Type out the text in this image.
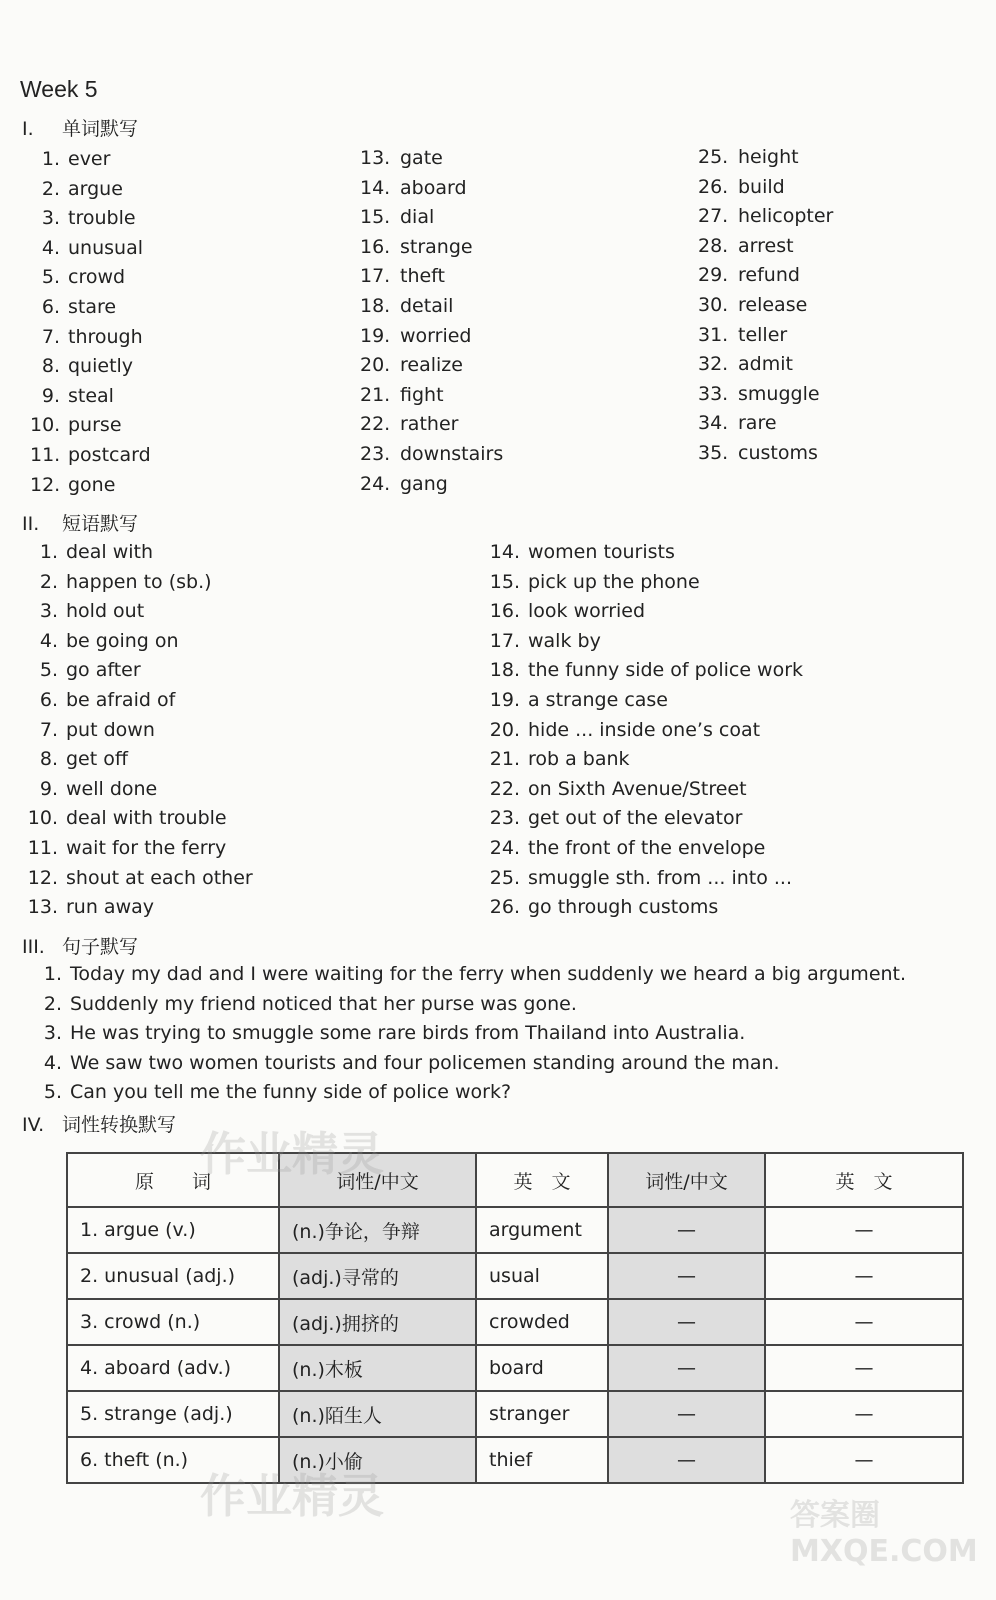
Week 5
I. 单词默写
1. ever
2. argue
3. trouble
4. unusual
5. crowd
6. stare
7. through
8. quietly
9. steal
10. purse
11. postcard
12. gone
13. gate
14. aboard
15. dial
16. strange
17. theft
18. detail
19. worried
20. realize
21. fight
22. rather
23. downstairs
24. gang
25. height
26. build
27. helicopter
28. arrest
29. refund
30. release
31. teller
32. admit
33. smuggle
34. rare
35. customs
II. 短语默写
1. deal with
2. happen to (sb.)
3. hold out
4. be going on
5. go after
6. be afraid of
7. put down
8. get off
9. well done
10. deal with trouble
11. wait for the ferry
12. shout at each other
13. run away
14. women tourists
15. pick up the phone
16. look worried
17. walk by
18. the funny side of police work
19. a strange case
20. hide ... inside one’s coat
21. rob a bank
22. on Sixth Avenue/Street
23. get out of the elevator
24. the front of the envelope
25. smuggle sth. from ... into ...
26. go through customs
III. 句子默写
1. Today my dad and I were waiting for the ferry when suddenly we heard a big argument.
2. Suddenly my friend noticed that her purse was gone.
3. He was trying to smuggle some rare birds from Thailand into Australia.
4. We saw two women tourists and four policemen standing around the man.
5. Can you tell me the funny side of police work?
IV. 词性转换默写
原　　词	词性/中文	英　文	词性/中文	英　文
1. argue (v.)	(n.)争论，争辩	argument	—	—
2. unusual (adj.)	(adj.)寻常的	usual	—	—
3. crowd (n.)	(adj.)拥挤的	crowded	—	—
4. aboard (adv.)	(n.)木板	board	—	—
5. strange (adj.)	(n.)陌生人	stranger	—	—
6. theft (n.)	(n.)小偷	thief	—	—
作业精灵
作业精灵	答案圈 MXQE.COM
